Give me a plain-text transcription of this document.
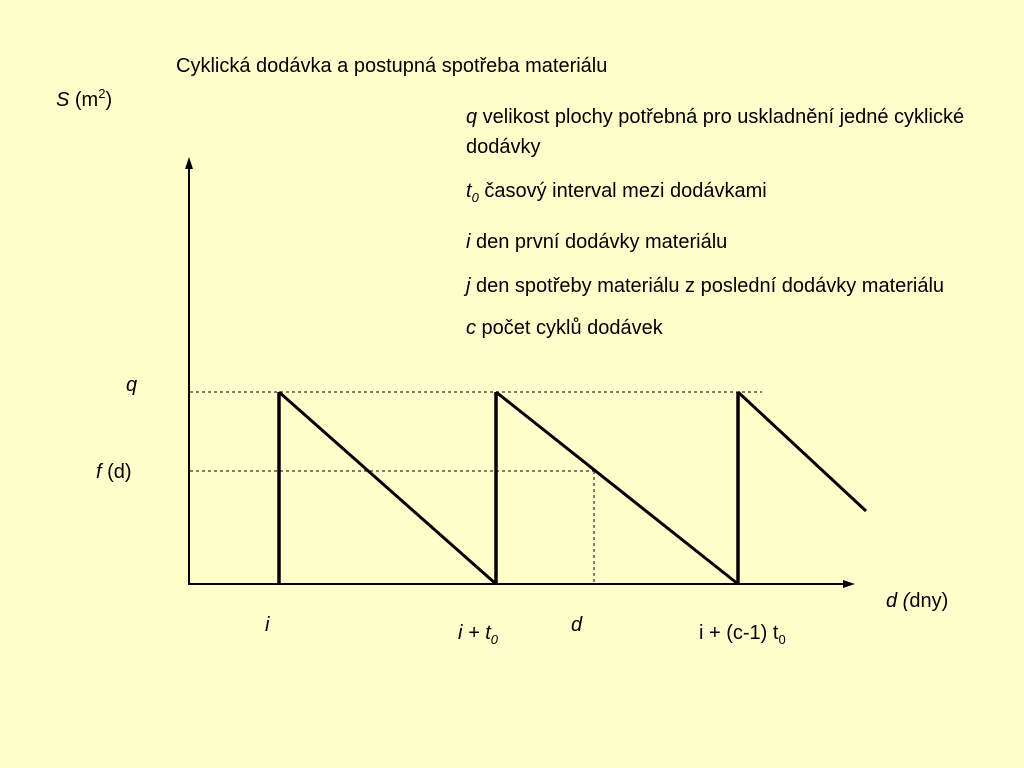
Cyklická dodávka a postupná spotřeba materiálu
q velikost plochy potřebná pro uskladnění jedné cyklické dodávky
$t_0$ časový interval mezi dodávkami
i den první dodávky materiálu
j den spotřeby materiálu z poslední dodávky materiálu
c počet cyklů dodávek
S $(m^2)$
q
f (d)
d (dny)
i	$i + t_0$
d	i + (c-1) $t_0$
